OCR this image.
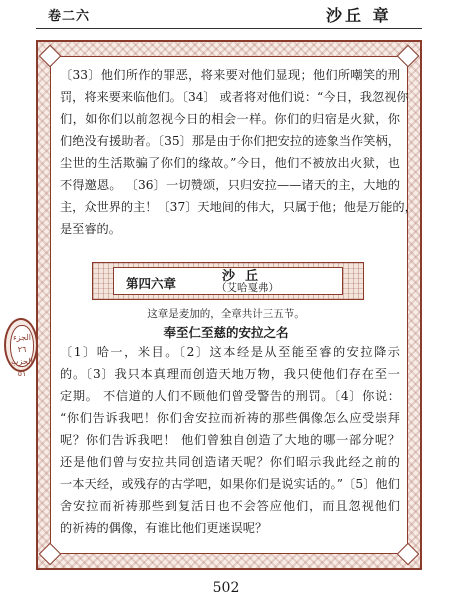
卷二六	沙丘 章

〔33〕他们所作的罪恶，将来要对他们显现；他们所嘲笑的刑

罚，将来要来临他们。〔34〕 或者将对他们说：“今日，我忽视你

们，如你们以前忽视今日的相会一样。你们的归宿是火狱，你

们绝没有援助者。〔35〕那是由于你们把安拉的迹象当作笑柄，

尘世的生活欺骗了你们的缘故。”今日，他们不被放出火狱，也

不得邀恩。 〔36〕一切赞颂，只归安拉——诸天的主，大地的

主，众世界的主！〔37〕天地间的伟大，只属于他；他是万能的，

是至睿的。

第四六章	沙丘
（艾哈戛弗）
这章是麦加的，全章共计三五节。
奉至仁至慈的安拉之名
الجزء ٢٦
الحزب ٥١

〔1〕哈一，米目。〔2〕这本经是从至能至睿的安拉降示

的。〔3〕我只本真理而创造天地万物，我只使他们存在至一

定期。 不信道的人们不顾他们曾受警告的刑罚。〔4〕你说：

“你们告诉我吧！你们舍安拉而祈祷的那些偶像怎么应受崇拜

呢？你们告诉我吧！ 他们曾独自创造了大地的哪一部分呢？

还是他们曾与安拉共同创造诸天呢？你们昭示我此经之前的

一本天经，或残存的古学吧，如果你们是说实话的。”〔5〕他们

舍安拉而祈祷那些到复活日也不会答应他们，而且忽视他们

的祈祷的偶像，有谁比他们更迷误呢？

502
